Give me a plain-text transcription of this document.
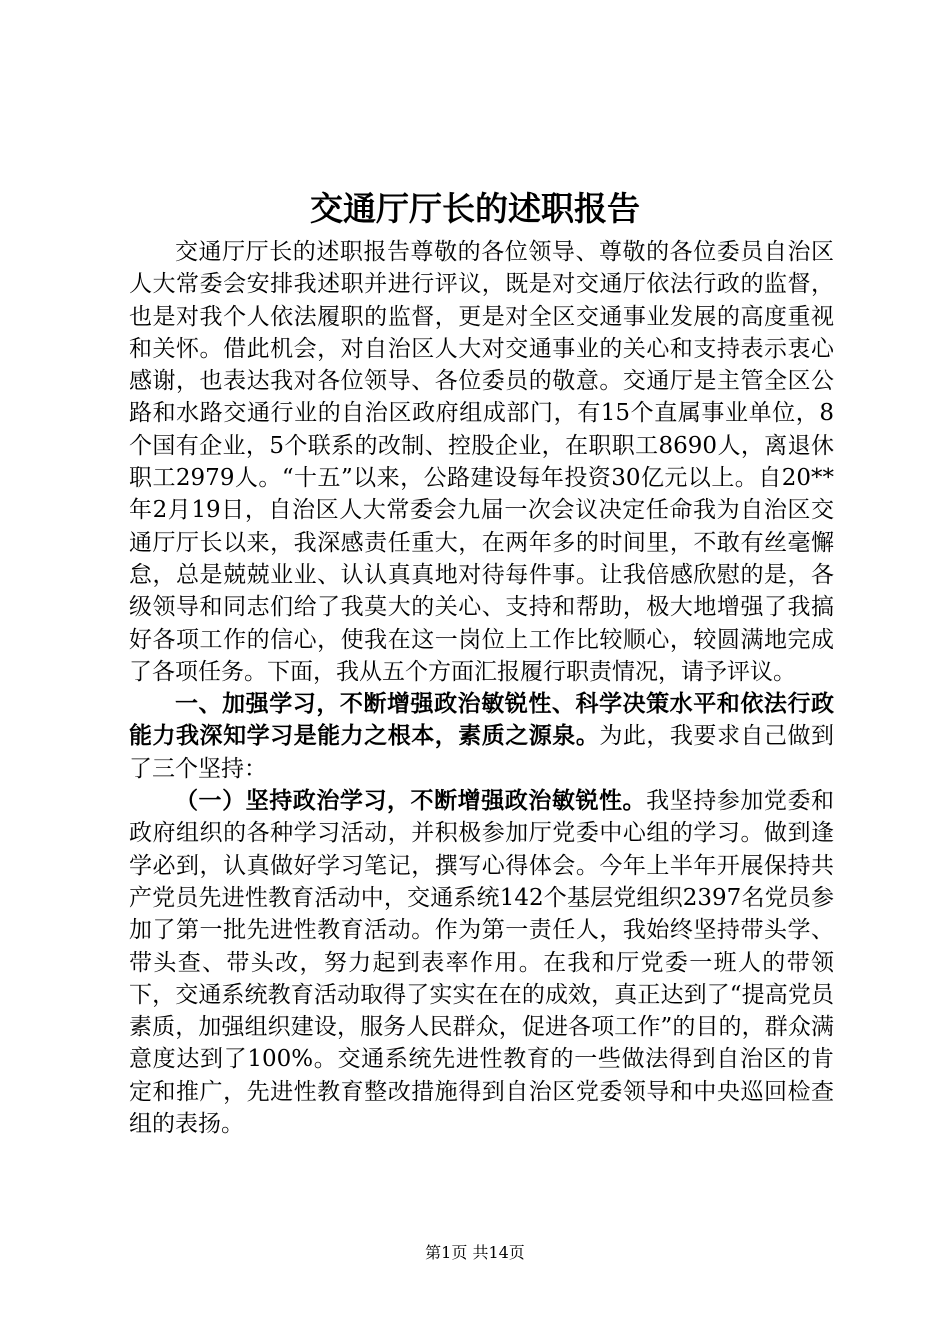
交通厅厅长的述职报告

交通厅厅长的述职报告尊敬的各位领导、尊敬的各位委员自治区人大常委会安排我述职并进行评议，既是对交通厅依法行政的监督，也是对我个人依法履职的监督，更是对全区交通事业发展的高度重视和关怀。借此机会，对自治区人大对交通事业的关心和支持表示衷心感谢，也表达我对各位领导、各位委员的敬意。交通厅是主管全区公路和水路交通行业的自治区政府组成部门，有15个直属事业单位，8个国有企业，5个联系的改制、控股企业，在职职工8690人，离退休职工2979人。“十五”以来，公路建设每年投资30亿元以上。自20**年2月19日，自治区人大常委会九届一次会议决定任命我为自治区交通厅厅长以来，我深感责任重大，在两年多的时间里，不敢有丝毫懈怠，总是兢兢业业、认认真真地对待每件事。让我倍感欣慰的是，各级领导和同志们给了我莫大的关心、支持和帮助，极大地增强了我搞好各项工作的信心，使我在这一岗位上工作比较顺心，较圆满地完成了各项任务。下面，我从五个方面汇报履行职责情况，请予评议。

一、加强学习，不断增强政治敏锐性、科学决策水平和依法行政能力我深知学习是能力之根本，素质之源泉。为此，我要求自己做到了三个坚持：

（一）坚持政治学习，不断增强政治敏锐性。我坚持参加党委和政府组织的各种学习活动，并积极参加厅党委中心组的学习。做到逢学必到，认真做好学习笔记，撰写心得体会。今年上半年开展保持共产党员先进性教育活动中，交通系统142个基层党组织2397名党员参加了第一批先进性教育活动。作为第一责任人，我始终坚持带头学、带头查、带头改，努力起到表率作用。在我和厅党委一班人的带领下，交通系统教育活动取得了实实在在的成效，真正达到了“提高党员素质，加强组织建设，服务人民群众，促进各项工作”的目的，群众满意度达到了100%。交通系统先进性教育的一些做法得到自治区的肯定和推广，先进性教育整改措施得到自治区党委领导和中央巡回检查组的表扬。

第1页 共14页
